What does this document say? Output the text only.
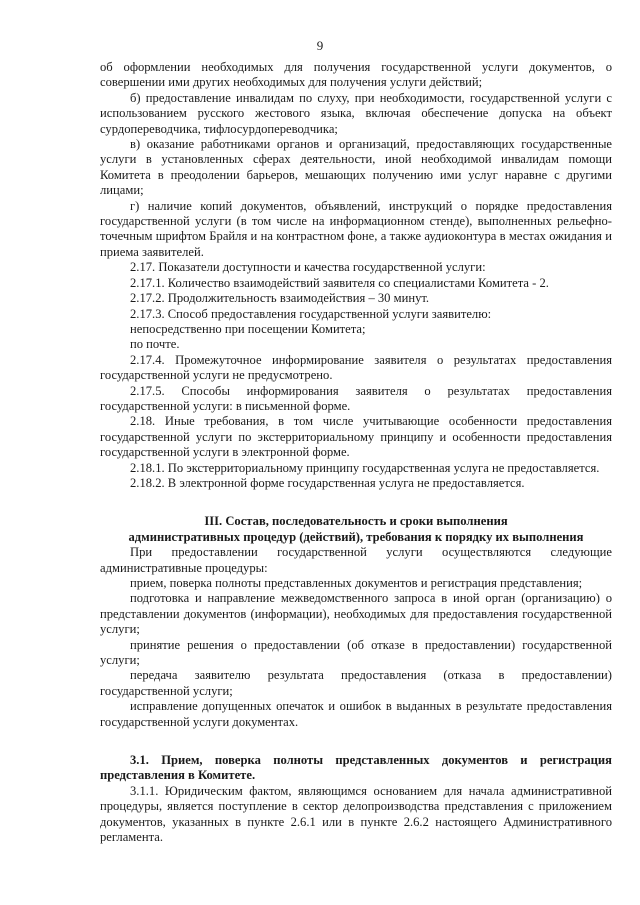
9

об оформлении необходимых для получения государственной услуги документов, о совершении ими других необходимых для получения услуги действий;

б) предоставление инвалидам по слуху, при необходимости, государственной услуги с использованием русского жестового языка, включая обеспечение допуска на объект сурдопереводчика, тифлосурдопереводчика;

в) оказание работниками органов и организаций, предоставляющих государственные услуги в установленных сферах деятельности, иной необходимой инвалидам помощи Комитета в преодолении барьеров, мешающих получению ими услуг наравне с другими лицами;

г) наличие копий документов, объявлений, инструкций о порядке предоставления государственной услуги (в том числе на информационном стенде), выполненных рельефно-точечным шрифтом Брайля и на контрастном фоне, а также аудиоконтура в местах ожидания и приема заявителей.

2.17. Показатели доступности и качества государственной услуги:

2.17.1. Количество взаимодействий заявителя со специалистами Комитета - 2.

2.17.2. Продолжительность взаимодействия – 30 минут.

2.17.3. Способ предоставления государственной услуги заявителю:

непосредственно при посещении Комитета;

по почте.

2.17.4. Промежуточное информирование заявителя о результатах предоставления государственной услуги не предусмотрено.

2.17.5. Способы информирования заявителя о результатах предоставления государственной услуги: в письменной форме.

2.18. Иные требования, в том числе учитывающие особенности предоставления государственной услуги по экстерриториальному принципу и особенности предоставления государственной услуги в электронной форме.

2.18.1. По экстерриториальному принципу государственная услуга не предоставляется.

2.18.2. В электронной форме государственная услуга не предоставляется.

III. Состав, последовательность и сроки выполнения

административных процедур (действий), требования к порядку их выполнения

При предоставлении государственной услуги осуществляются следующие административные процедуры:

прием, поверка полноты представленных документов и регистрация представления;

подготовка и направление межведомственного запроса в иной орган (организацию) о представлении документов (информации), необходимых для предоставления государственной услуги;

принятие решения о предоставлении (об отказе в предоставлении) государственной услуги;

передача заявителю результата предоставления (отказа в предоставлении) государственной услуги;

исправление допущенных опечаток и ошибок в выданных в результате предоставления государственной услуги документах.

3.1. Прием, поверка полноты представленных документов и регистрация представления в Комитете.

3.1.1. Юридическим фактом, являющимся основанием для начала административной процедуры, является поступление в сектор делопроизводства представления с приложением документов, указанных в пункте 2.6.1 или в пункте 2.6.2 настоящего Административного регламента.
